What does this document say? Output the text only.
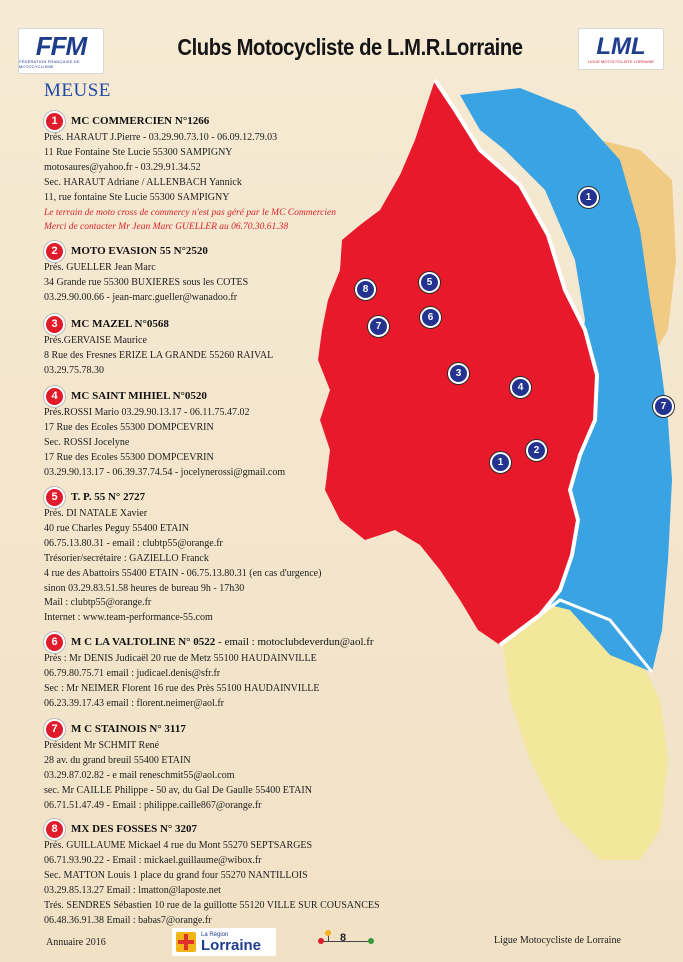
8
5
7
6
3
4
2
1
1
7
FFM
FÉDÉRATION FRANÇAISE DE MOTOCYCLISME
Clubs Motocycliste de L.M.R.Lorraine	LML
LIGUE MOTOCYCLISTE LORRAINE
MEUSE
1	MC COMMERCIEN N°1266
Prés. HARAUT J.Pierre - 03.29.90.73.10 - 06.09.12.79.03
11 Rue Fontaine Ste Lucie 55300 SAMPIGNY
motosaures@yahoo.fr - 03.29.91.34.52
Sec. HARAUT Adriane / ALLENBACH Yannick
11, rue fontaine Ste Lucie 55300 SAMPIGNY
Le terrain de moto cross de commercy n'est pas géré par le MC Commercien
Merci de contacter Mr Jean Marc GUELLER au 06.70.30.61.38
2	MOTO EVASION 55 N°2520
Prés. GUELLER Jean Marc
34 Grande rue 55300 BUXIERES sous les COTES
03.29.90.00.66 - jean-marc.gueller@wanadoo.fr
3	MC MAZEL N°0568
Prés.GERVAISE Maurice
8 Rue des Fresnes ERIZE LA GRANDE 55260 RAIVAL
03.29.75.78.30
4	MC SAINT MIHIEL N°0520
Prés.ROSSI Mario 03.29.90.13.17 - 06.11.75.47.02
17 Rue des Ecoles 55300 DOMPCEVRIN
Sec. ROSSI Jocelyne
17 Rue des Ecoles 55300 DOMPCEVRIN
03.29.90.13.17 - 06.39.37.74.54 - jocelynerossi@gmail.com
5	T. P. 55 N° 2727
Prés. DI NATALE Xavier
40 rue Charles Peguy 55400 ETAIN
06.75.13.80.31 - email : clubtp55@orange.fr
Trésorier/secrétaire : GAZIELLO Franck
4 rue des Abattoirs 55400 ETAIN - 06.75.13.80.31 (en cas d'urgence)
sinon 03.29.83.51.58 heures de bureau 9h - 17h30
Mail : clubtp55@orange.fr
Internet : www.team-performance-55.com
6	M C LA VALTOLINE N° 0522 - email : motoclubdeverdun@aol.fr
Prés : Mr DENIS Judicaël 20 rue de Metz 55100 HAUDAINVILLE
06.79.80.75.71 email : judicael.denis@sfr.fr
Sec : Mr NEIMER Florent 16 rue des Près 55100 HAUDAINVILLE
06.23.39.17.43 email : florent.neimer@aol.fr
7	M C STAINOIS N° 3117
Président Mr SCHMIT René
28 av. du grand breuil 55400 ETAIN
03.29.87.02.82 - e mail reneschmit55@aol.com
sec. Mr CAILLE Philippe - 50 av, du Gal De Gaulle 55400 ETAIN
06.71.51.47.49 - Email : philippe.caille867@orange.fr
8	MX DES FOSSES N° 3207
Prés. GUILLAUME Mickael 4 rue du Mont 55270 SEPTSARGES
06.71.93.90.22 - Email : mickael.guillaume@wibox.fr
Sec. MATTON Louis 1 place du grand four 55270 NANTILLOIS
03.29.85.13.27 Email : lmatton@laposte.net
Trés. SENDRES Sébastien 10 rue de la guillotte 55120 VILLE SUR COUSANCES
06.48.36.91.38 Email : babas7@orange.fr
Annuaire 2016
La Région
Lorraine	8	Ligue Motocycliste de Lorraine
